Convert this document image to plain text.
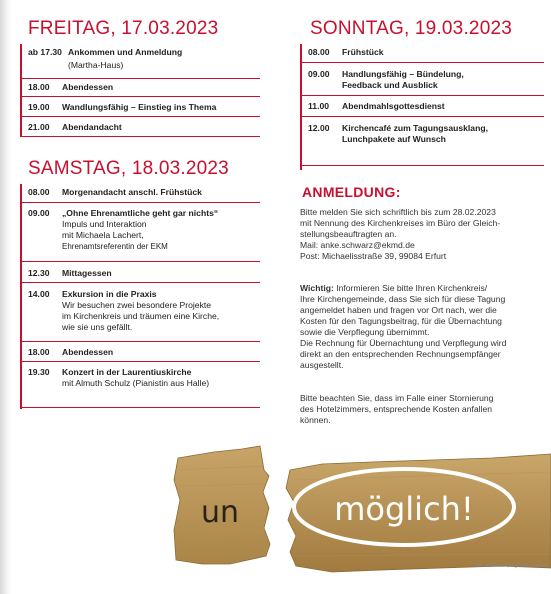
FREITAG, 17.03.2023
ab 17.30 Ankommen und Anmeldung
(Martha-Haus)
18.00 Abendessen
19.00 Wandlungsfähig – Einstieg ins Thema
21.00 Abendandacht
SAMSTAG, 18.03.2023
08.00 Morgenandacht anschl. Frühstück
09.00 „Ohne Ehrenamtliche geht gar nichts“
Impuls und Interaktion
mit Michaela Lachert,
Ehrenamtsreferentin der EKM
12.30 Mittagessen
14.00 Exkursion in die Praxis
Wir besuchen zwei besondere Projekte
im Kirchenkreis und träumen eine Kirche,
wie sie uns gefällt.
18.00 Abendessen
19.30 Konzert in der Laurentiuskirche
mit Almuth Schulz (Pianistin aus Halle)
SONNTAG, 19.03.2023
08.00 Frühstück
09.00 Handlungsfähig – Bündelung,
Feedback und Ausblick
11.00 Abendmahlsgottesdienst
12.00 Kirchencafé zum Tagungsausklang,
Lunchpakete auf Wunsch
ANMELDUNG:
Bitte melden Sie sich schriftlich bis zum 28.02.2023
mit Nennung des Kirchenkreises im Büro der Gleich-
stellungsbeauftragten an.
Mail: anke.schwarz@ekmd.de
Post: Michaelisstraße 39, 99084 Erfurt
Wichtig: Informieren Sie bitte Ihren Kirchenkreis/
Ihre Kirchengemeinde, dass Sie sich für diese Tagung
angemeldet haben und fragen vor Ort nach, wer die
Kosten für den Tagungsbeitrag, für die Übernachtung
sowie die Verpflegung übernimmt.
Die Rechnung für Übernachtung und Verpflegung wird
direkt an den entsprechenden Rechnungsempfänger
ausgestellt.
Bitte beachten Sie, dass im Falle einer Stornierung
des Hotelzimmers, entsprechende Kosten anfallen
können.
un	möglich!
Foto: Kathleen Bergmann/Pixabay
